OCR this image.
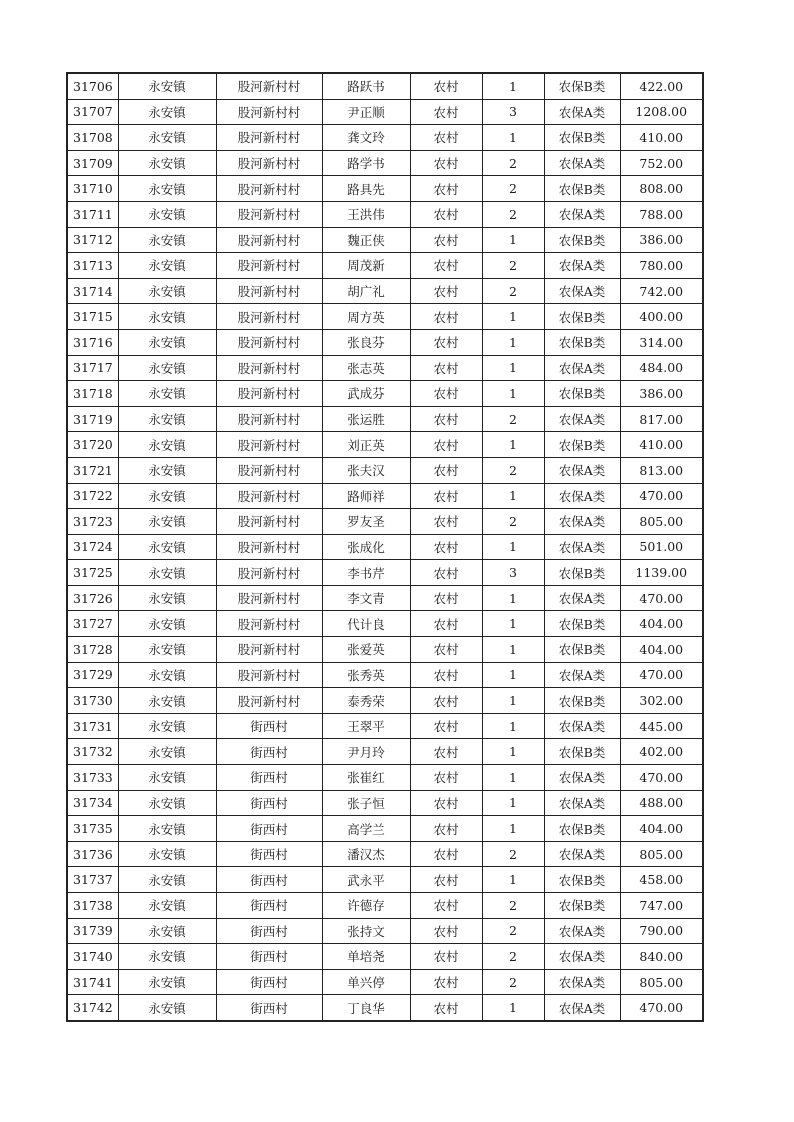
31706	永安镇	股河新村村	路跃书	农村	1	农保B类	422.00
31707	永安镇	股河新村村	尹正顺	农村	3	农保A类	1208.00
31708	永安镇	股河新村村	龚文玲	农村	1	农保B类	410.00
31709	永安镇	股河新村村	路学书	农村	2	农保A类	752.00
31710	永安镇	股河新村村	路具先	农村	2	农保B类	808.00
31711	永安镇	股河新村村	王洪伟	农村	2	农保A类	788.00
31712	永安镇	股河新村村	魏正侠	农村	1	农保B类	386.00
31713	永安镇	股河新村村	周茂新	农村	2	农保A类	780.00
31714	永安镇	股河新村村	胡广礼	农村	2	农保A类	742.00
31715	永安镇	股河新村村	周方英	农村	1	农保B类	400.00
31716	永安镇	股河新村村	张良芬	农村	1	农保B类	314.00
31717	永安镇	股河新村村	张志英	农村	1	农保A类	484.00
31718	永安镇	股河新村村	武成芬	农村	1	农保B类	386.00
31719	永安镇	股河新村村	张运胜	农村	2	农保A类	817.00
31720	永安镇	股河新村村	刘正英	农村	1	农保B类	410.00
31721	永安镇	股河新村村	张夫汉	农村	2	农保A类	813.00
31722	永安镇	股河新村村	路师祥	农村	1	农保A类	470.00
31723	永安镇	股河新村村	罗友圣	农村	2	农保A类	805.00
31724	永安镇	股河新村村	张成化	农村	1	农保A类	501.00
31725	永安镇	股河新村村	李书芹	农村	3	农保B类	1139.00
31726	永安镇	股河新村村	李文青	农村	1	农保A类	470.00
31727	永安镇	股河新村村	代计良	农村	1	农保B类	404.00
31728	永安镇	股河新村村	张爱英	农村	1	农保B类	404.00
31729	永安镇	股河新村村	张秀英	农村	1	农保A类	470.00
31730	永安镇	股河新村村	泰秀荣	农村	1	农保B类	302.00
31731	永安镇	街西村	王翠平	农村	1	农保A类	445.00
31732	永安镇	街西村	尹月玲	农村	1	农保B类	402.00
31733	永安镇	街西村	张崔红	农村	1	农保A类	470.00
31734	永安镇	街西村	张子恒	农村	1	农保A类	488.00
31735	永安镇	街西村	高学兰	农村	1	农保B类	404.00
31736	永安镇	街西村	潘汉杰	农村	2	农保A类	805.00
31737	永安镇	街西村	武永平	农村	1	农保B类	458.00
31738	永安镇	街西村	许德存	农村	2	农保B类	747.00
31739	永安镇	街西村	张持文	农村	2	农保A类	790.00
31740	永安镇	街西村	单培尧	农村	2	农保A类	840.00
31741	永安镇	街西村	单兴停	农村	2	农保A类	805.00
31742	永安镇	街西村	丁良华	农村	1	农保A类	470.00
